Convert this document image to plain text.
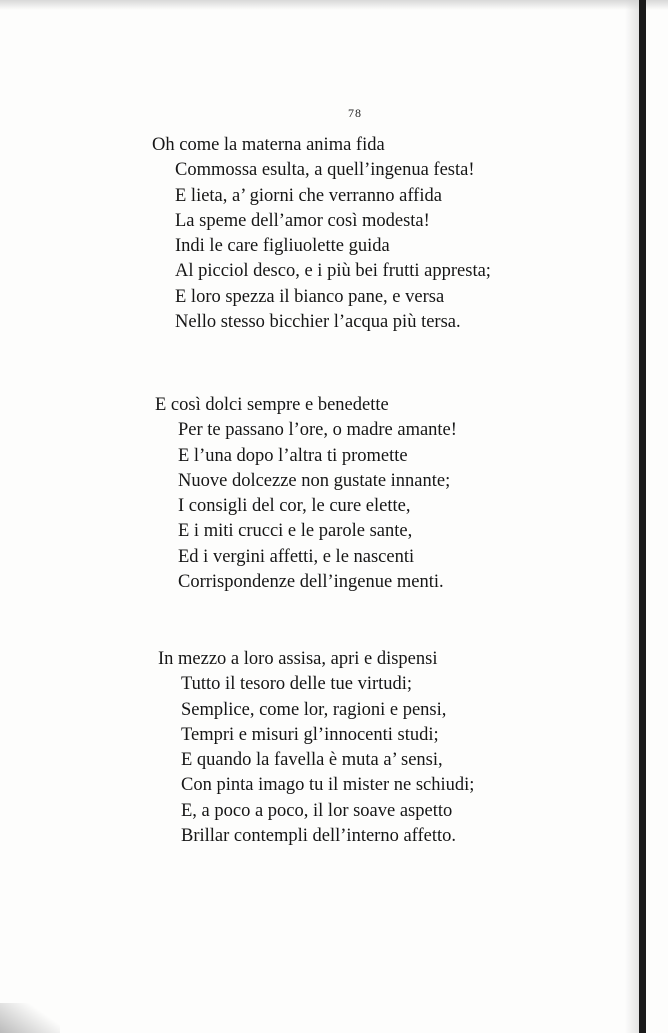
78
Oh come la materna anima fida
Commossa esulta, a quell’ingenua festa!
E lieta, a’ giorni che verranno affida
La speme dell’amor così modesta!
Indi le care figliuolette guida
Al picciol desco, e i più bei frutti appresta;
E loro spezza il bianco pane, e versa
Nello stesso bicchier l’acqua più tersa.
E così dolci sempre e benedette
Per te passano l’ore, o madre amante!
E l’una dopo l’altra ti promette
Nuove dolcezze non gustate innante;
I consigli del cor, le cure elette,
E i miti crucci e le parole sante,
Ed i vergini affetti, e le nascenti
Corrispondenze dell’ingenue menti.
In mezzo a loro assisa, apri e dispensi
Tutto il tesoro delle tue virtudi;
Semplice, come lor, ragioni e pensi,
Tempri e misuri gl’innocenti studi;
E quando la favella è muta a’ sensi,
Con pinta imago tu il mister ne schiudi;
E, a poco a poco, il lor soave aspetto
Brillar contempli dell’interno affetto.
